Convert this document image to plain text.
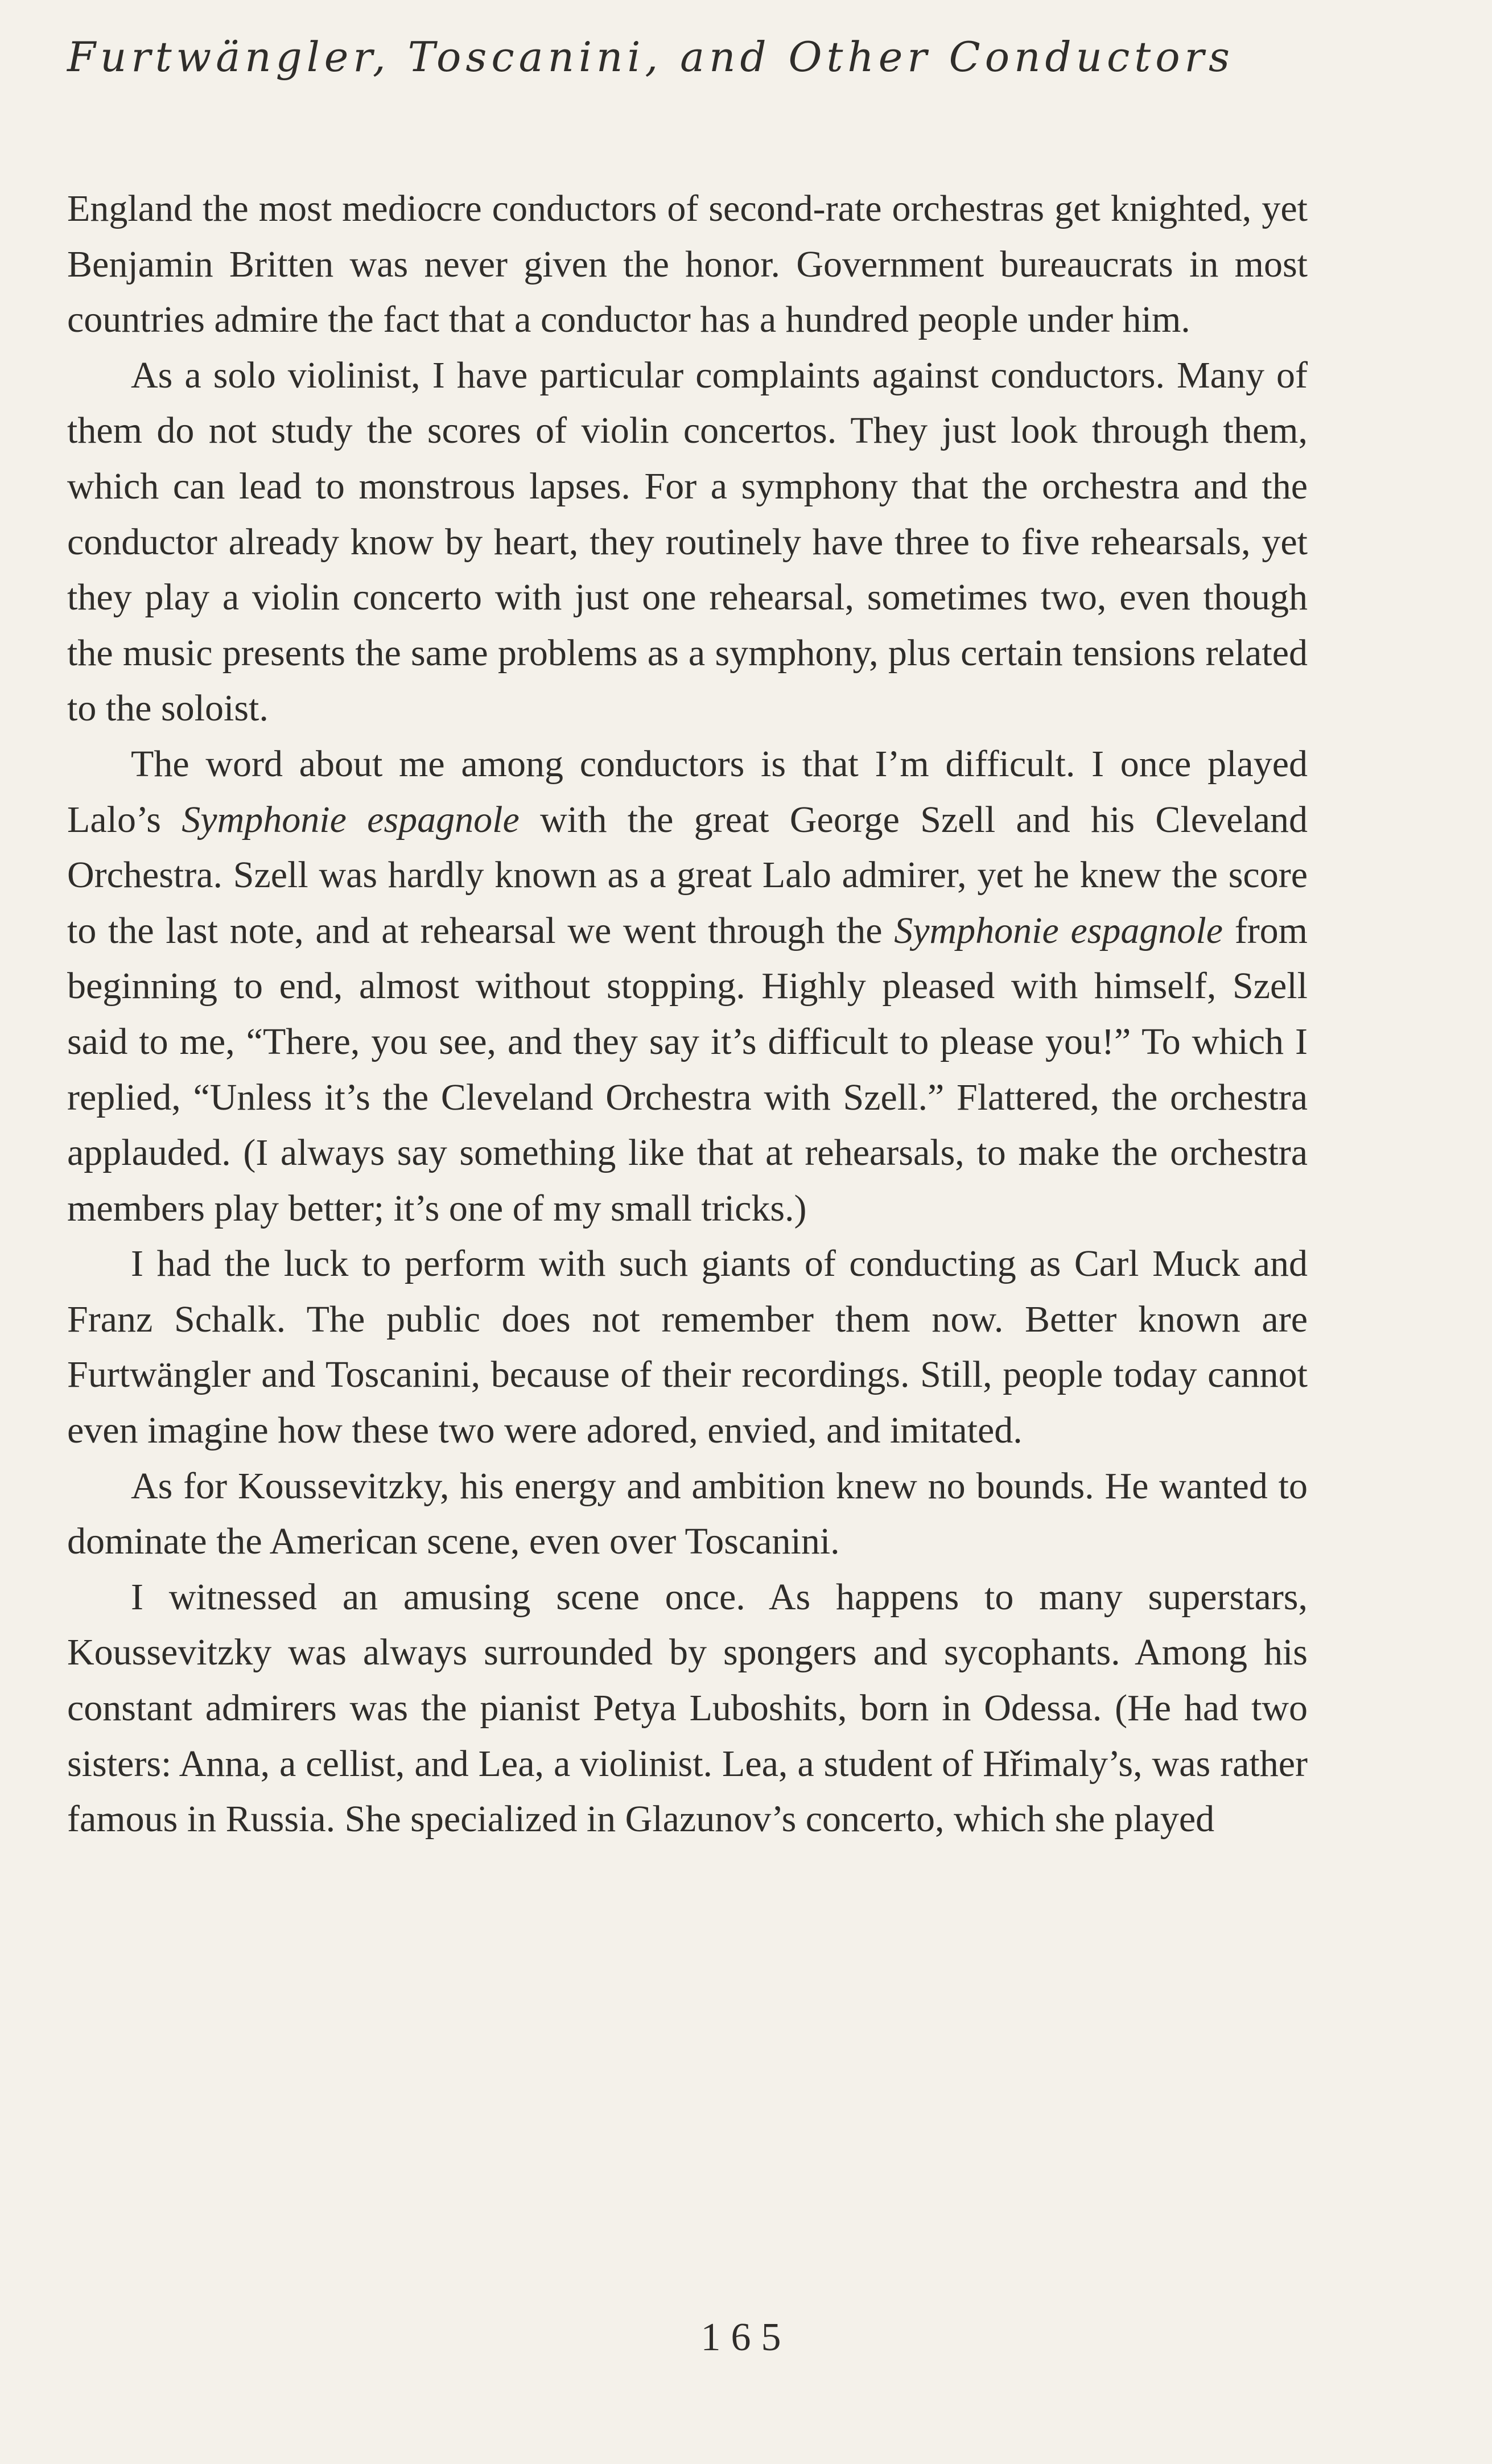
Furtwängler, Toscanini, and Other Conductors

England the most mediocre conductors of second-rate orchestras get knighted, yet Benjamin Britten was never given the honor. Government bureaucrats in most countries admire the fact that a conductor has a hundred people under him.

As a solo violinist, I have particular complaints against conductors. Many of them do not study the scores of violin concertos. They just look through them, which can lead to monstrous lapses. For a symphony that the orchestra and the conductor already know by heart, they routinely have three to five rehearsals, yet they play a violin concerto with just one rehearsal, sometimes two, even though the music presents the same problems as a symphony, plus certain tensions related to the soloist.

The word about me among conductors is that I’m difficult. I once played Lalo’s Symphonie espagnole with the great George Szell and his Cleveland Orchestra. Szell was hardly known as a great Lalo admirer, yet he knew the score to the last note, and at rehearsal we went through the Symphonie espagnole from beginning to end, almost without stopping. Highly pleased with himself, Szell said to me, “There, you see, and they say it’s difficult to please you!” To which I replied, “Unless it’s the Cleveland Orchestra with Szell.” Flattered, the orchestra applauded. (I always say something like that at rehearsals, to make the orchestra members play better; it’s one of my small tricks.)

I had the luck to perform with such giants of conducting as Carl Muck and Franz Schalk. The public does not remember them now. Better known are Furtwängler and Toscanini, because of their recordings. Still, people today cannot even imagine how these two were adored, envied, and imitated.

As for Koussevitzky, his energy and ambition knew no bounds. He wanted to dominate the American scene, even over Toscanini.

I witnessed an amusing scene once. As happens to many superstars, Koussevitzky was always surrounded by spongers and sycophants. Among his constant admirers was the pianist Petya Luboshits, born in Odessa. (He had two sisters: Anna, a cellist, and Lea, a violinist. Lea, a student of Hřimaly’s, was rather famous in Russia. She specialized in Glazunov’s concerto, which she played

165
